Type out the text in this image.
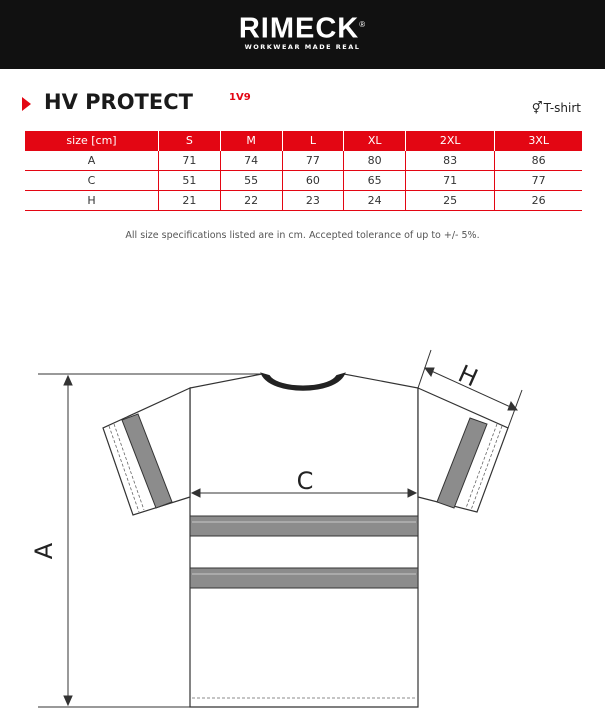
RIMECK®
WORKWEAR MADE REAL
HV PROTECT	1V9
⚥T-shirt
size [cm]	S	M	L	XL	2XL	3XL
A	71	74	77	80	83	86
C	51	55	60	65	71	77
H	21	22	23	24	25	26
All size specifications listed are in cm. Accepted tolerance of up to +/- 5%.
A
C
H
